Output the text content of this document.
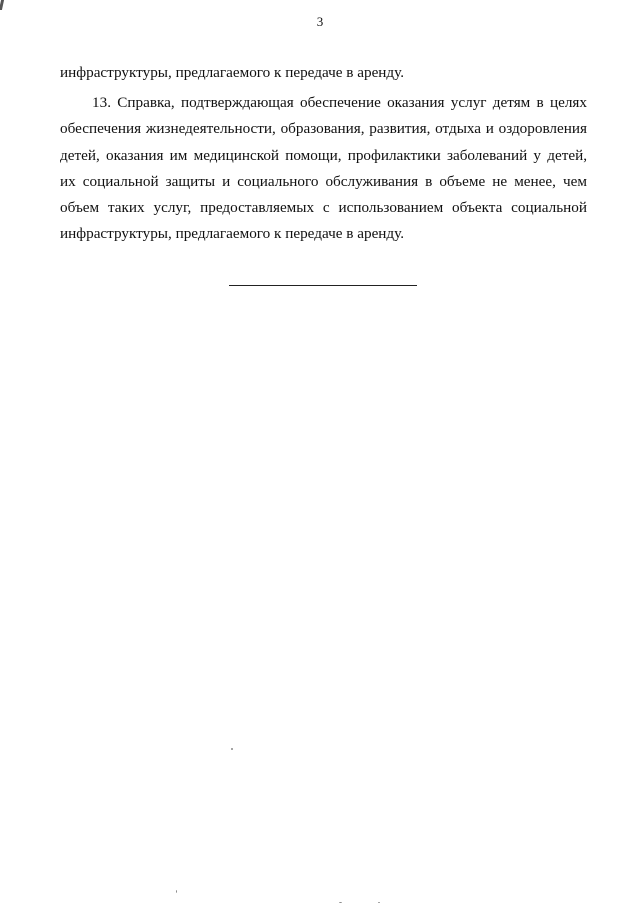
3
инфраструктуры, предлагаемого к передаче в аренду.
13. Справка, подтверждающая обеспечение оказания услуг детям в целях обеспечения жизнедеятельности, образования, развития, отдыха и оздоровления детей, оказания им медицинской помощи, профилактики заболеваний у детей, их социальной защиты и социального обслуживания в объеме не менее, чем объем таких услуг, предоставляемых с использованием объекта социальной инфраструктуры, предлагаемого к передаче в аренду.
